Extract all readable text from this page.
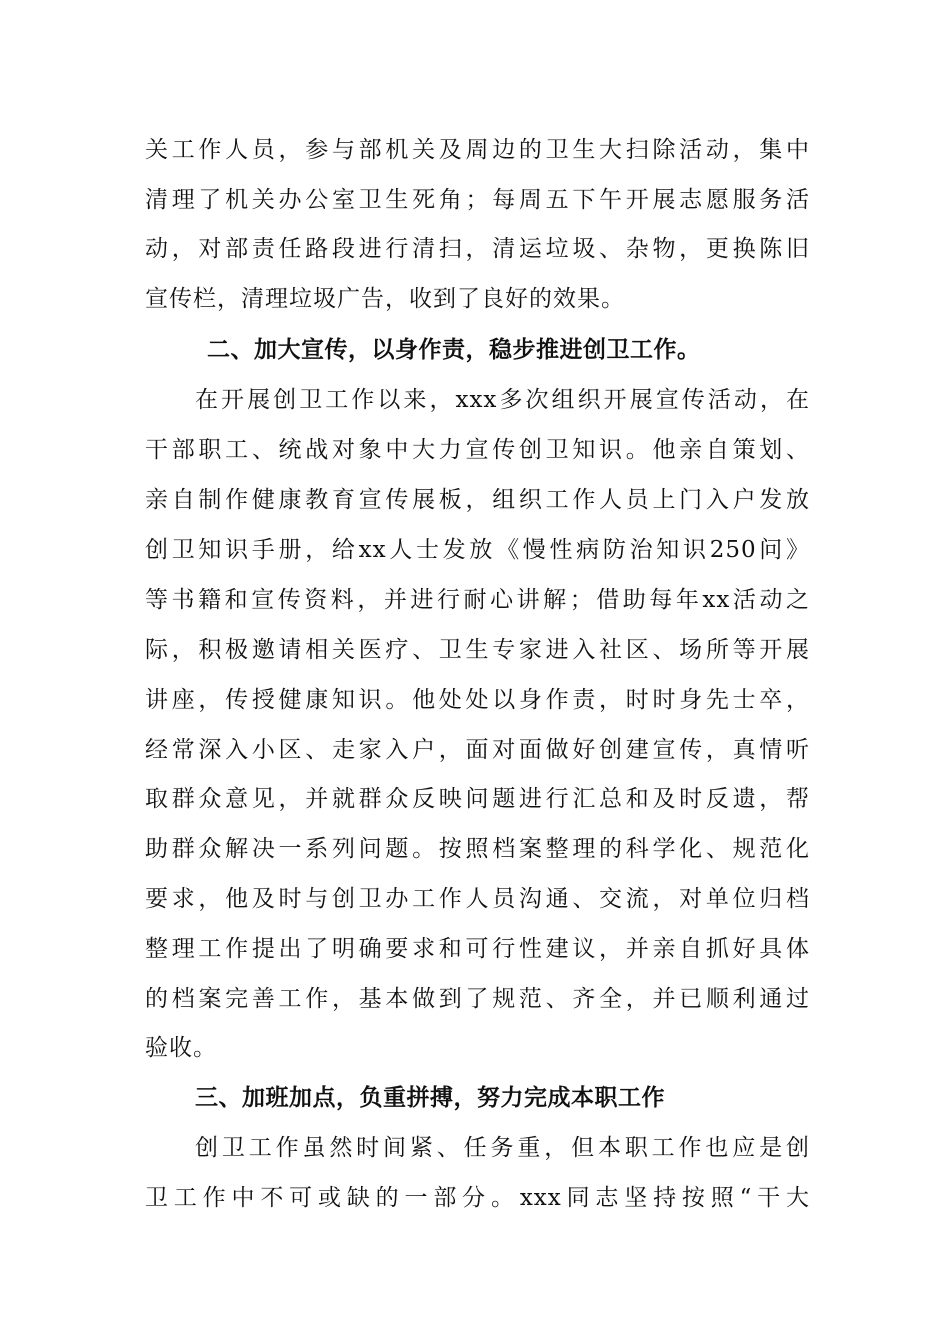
关工作人员，参与部机关及周边的卫生大扫除活动，集中
清理了机关办公室卫生死角；每周五下午开展志愿服务活
动，对部责任路段进行清扫，清运垃圾、杂物，更换陈旧
宣传栏，清理垃圾广告，收到了良好的效果。
二、加大宣传，以身作责，稳步推进创卫工作。
在开展创卫工作以来，xxx多次组织开展宣传活动，在
干部职工、统战对象中大力宣传创卫知识。他亲自策划、
亲自制作健康教育宣传展板，组织工作人员上门入户发放
创卫知识手册，给xx人士发放《慢性病防治知识250问》
等书籍和宣传资料，并进行耐心讲解；借助每年xx活动之
际，积极邀请相关医疗、卫生专家进入社区、场所等开展
讲座，传授健康知识。他处处以身作责，时时身先士卒，
经常深入小区、走家入户，面对面做好创建宣传，真情听
取群众意见，并就群众反映问题进行汇总和及时反遗，帮
助群众解决一系列问题。按照档案整理的科学化、规范化
要求，他及时与创卫办工作人员沟通、交流，对单位归档
整理工作提出了明确要求和可行性建议，并亲自抓好具体
的档案完善工作，基本做到了规范、齐全，并已顺利通过
验收。
三、加班加点，负重拼搏，努力完成本职工作
创卫工作虽然时间紧、任务重，但本职工作也应是创
卫工作中不可或缺的一部分。xxx同志坚持按照“干大
